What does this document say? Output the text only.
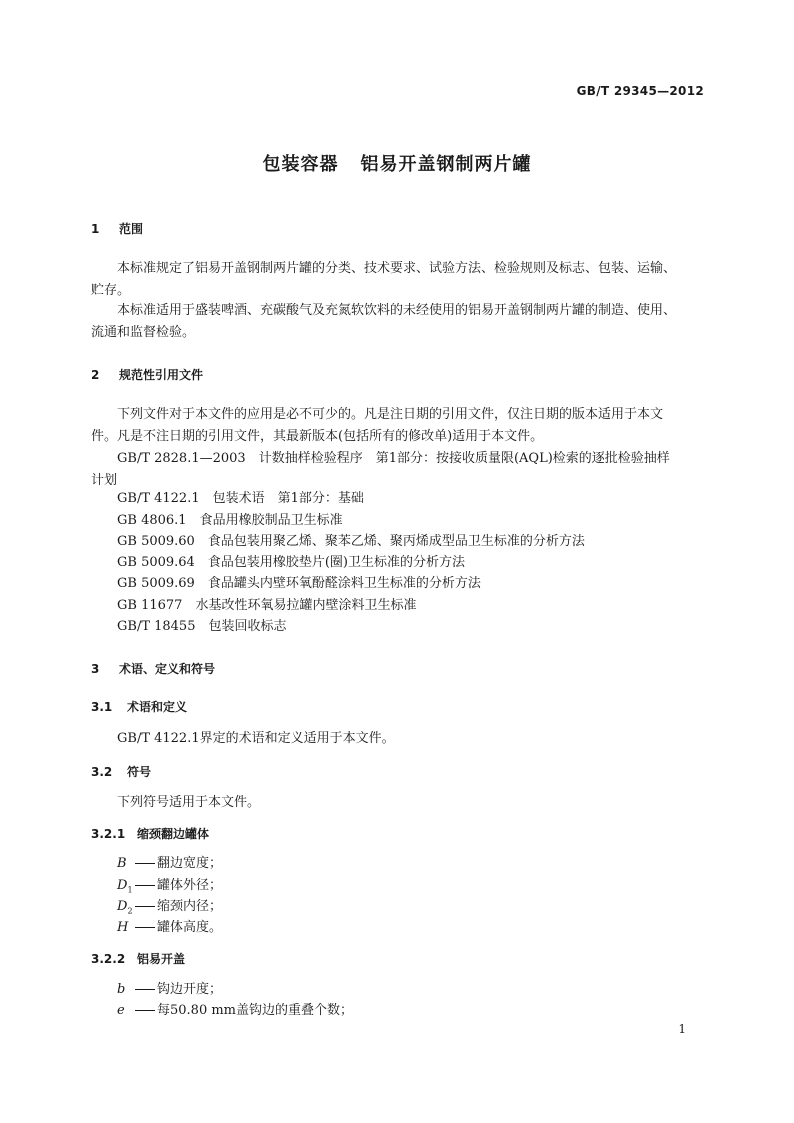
GB/T 29345—2012
包装容器 铝易开盖钢制两片罐
1 范围
本标准规定了铝易开盖钢制两片罐的分类、技术要求、试验方法、检验规则及标志、包装、运输、
贮存。
本标准适用于盛装啤酒、充碳酸气及充氮软饮料的未经使用的铝易开盖钢制两片罐的制造、使用、
流通和监督检验。
2 规范性引用文件
下列文件对于本文件的应用是必不可少的。凡是注日期的引用文件，仅注日期的版本适用于本文
件。凡是不注日期的引用文件，其最新版本(包括所有的修改单)适用于本文件。
GB/T 2828.1—2003　计数抽样检验程序　第1部分：按接收质量限(AQL)检索的逐批检验抽样
计划
GB/T 4122.1　 包装术语　第1部分：基础
GB 4806.1　 食品用橡胶制品卫生标准
GB 5009.60　 食品包装用聚乙烯、聚苯乙烯、聚丙烯成型品卫生标准的分析方法
GB 5009.64　 食品包装用橡胶垫片(圈)卫生标准的分析方法
GB 5009.69　 食品罐头内壁环氧酚醛涂料卫生标准的分析方法
GB 11677　 水基改性环氧易拉罐内壁涂料卫生标准
GB/T 18455　 包装回收标志
3 术语、定义和符号
3.1 术语和定义
GB/T 4122.1界定的术语和定义适用于本文件。
3.2 符号
下列符号适用于本文件。
3.2.1 缩颈翻边罐体
B 翻边宽度；
$D_1$ 罐体外径；
$D_2$ 缩颈内径；
H 罐体高度。
3.2.2 铝易开盖
b 钩边开度；
e 每50.80 mm盖钩边的重叠个数；
1
